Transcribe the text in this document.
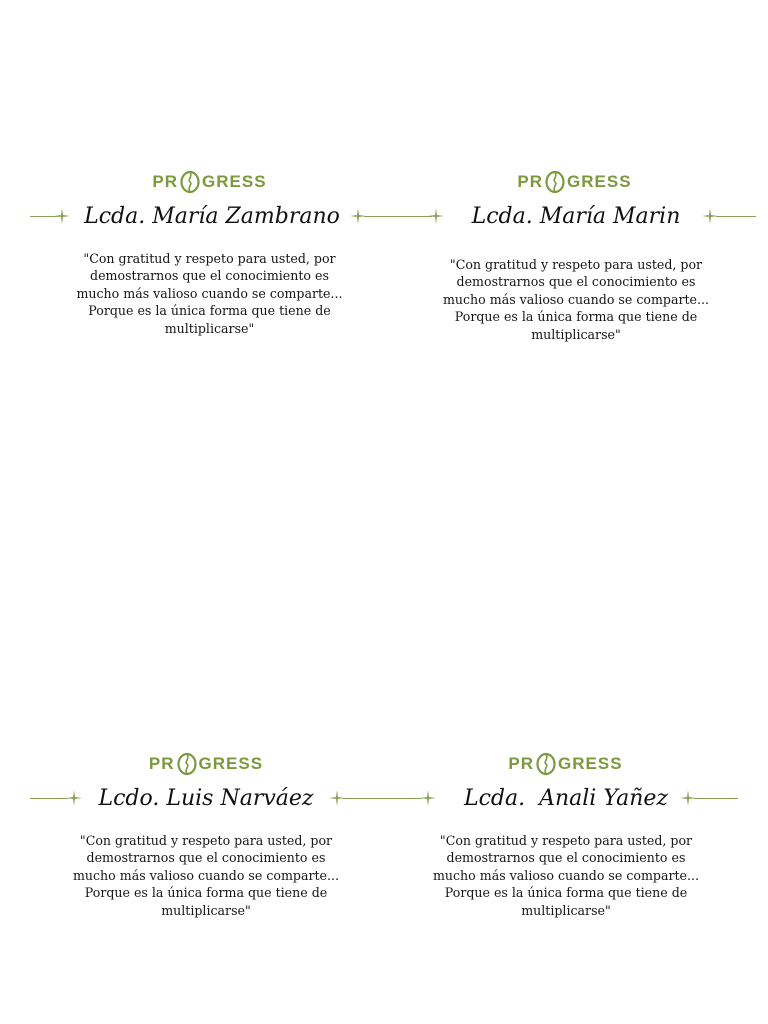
PR GRESS
Lcda. María Zambrano
"Con gratitud y respeto para usted, por
demostrarnos que el conocimiento es
mucho más valioso cuando se comparte...
Porque es la única forma que tiene de
multiplicarse"
PR GRESS
Lcda. María Marin
"Con gratitud y respeto para usted, por
demostrarnos que el conocimiento es
mucho más valioso cuando se comparte...
Porque es la única forma que tiene de
multiplicarse"
PR GRESS
Lcdo. Luis Narváez
"Con gratitud y respeto para usted, por
demostrarnos que el conocimiento es
mucho más valioso cuando se comparte...
Porque es la única forma que tiene de
multiplicarse"
PR GRESS
Lcda.  Anali Yañez
"Con gratitud y respeto para usted, por
demostrarnos que el conocimiento es
mucho más valioso cuando se comparte...
Porque es la única forma que tiene de
multiplicarse"
